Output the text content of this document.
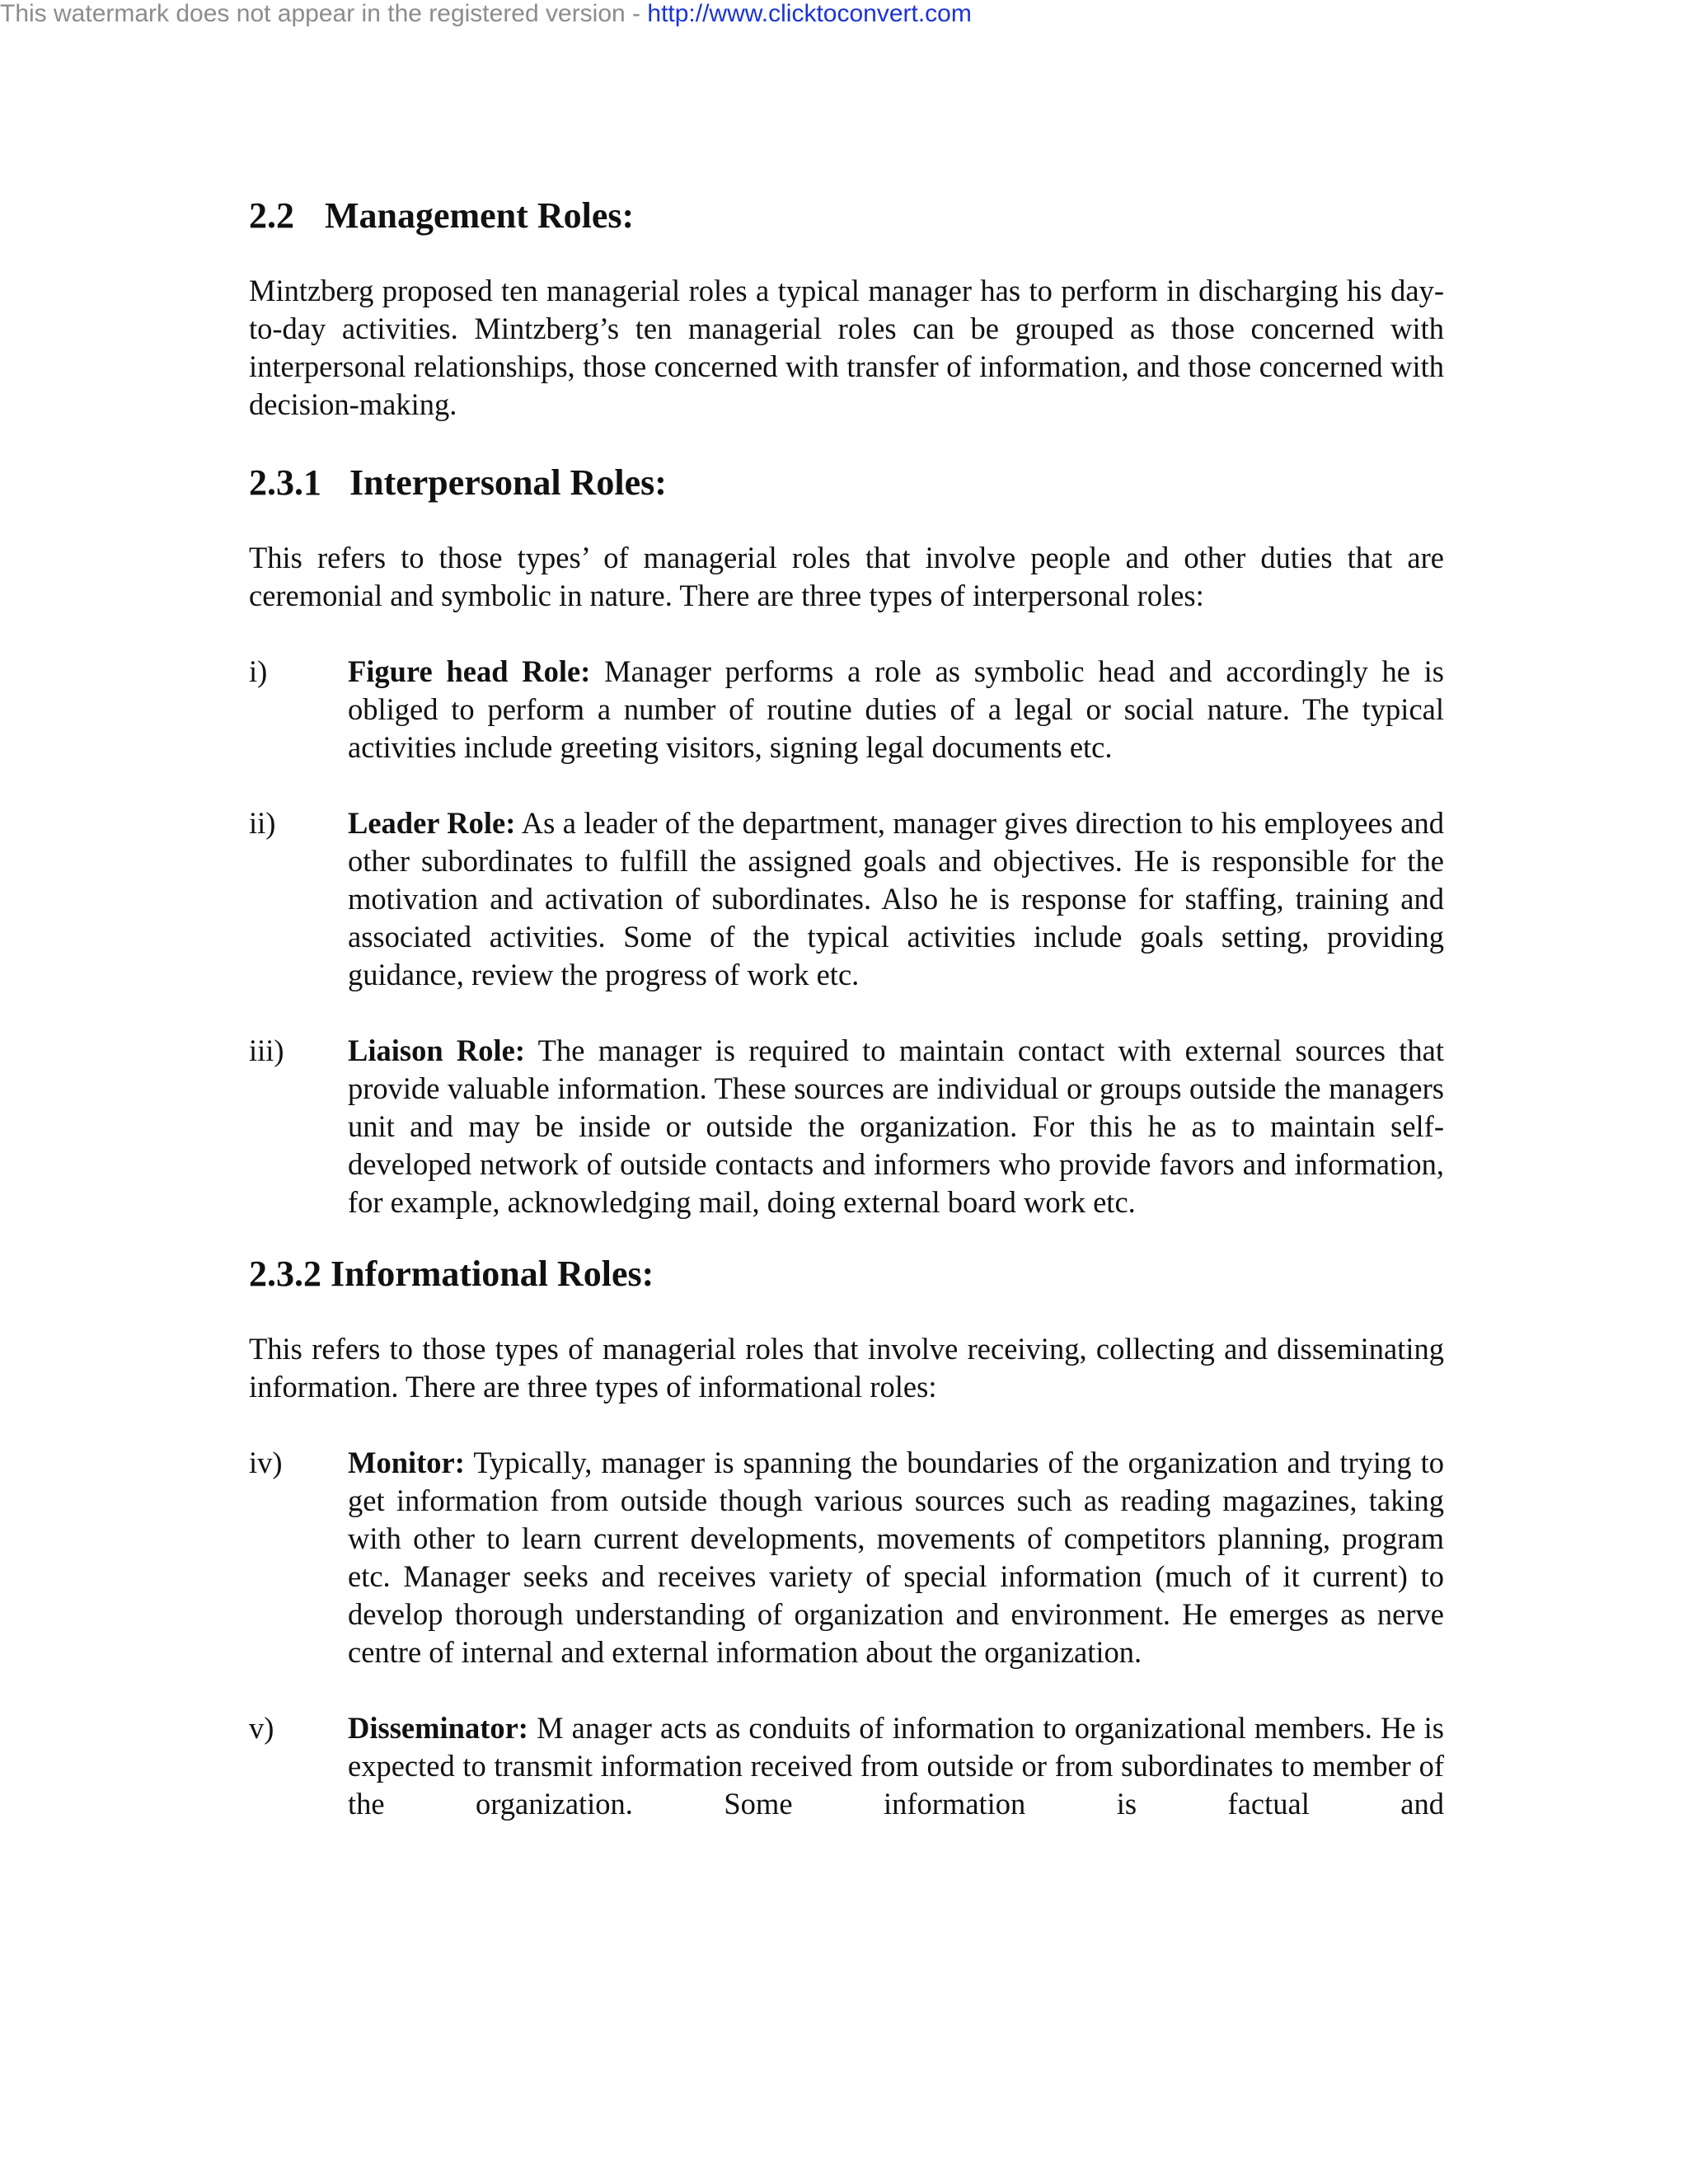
This watermark does not appear in the registered version - http://www.clicktoconvert.com
2.2 Management Roles:

Mintzberg proposed ten managerial roles a typical manager has to perform in discharging his day-to-day activities. Mintzberg’s ten managerial roles can be grouped as those concerned with interpersonal relationships, those concerned with transfer of information, and those concerned with decision-making.

2.3.1 Interpersonal Roles:

This refers to those types’ of managerial roles that involve people and other duties that are ceremonial and symbolic in nature. There are three types of interpersonal roles:

i)	Figure head Role: Manager performs a role as symbolic head and accordingly he is obliged to perform a number of routine duties of a legal or social nature. The typical activities include greeting visitors, signing legal documents etc.
ii)	Leader Role: As a leader of the department, manager gives direction to his employees and other subordinates to fulfill the assigned goals and objectives. He is responsible for the motivation and activation of subordinates. Also he is response for staffing, training and associated activities. Some of the typical activities include goals setting, providing guidance, review the progress of work etc.
iii)	Liaison Role: The manager is required to maintain contact with external sources that provide valuable information. These sources are individual or groups outside the managers unit and may be inside or outside the organization. For this he as to maintain self-developed network of outside contacts and informers who provide favors and information, for example, acknowledging mail, doing external board work etc.
2.3.2 Informational Roles:

This refers to those types of managerial roles that involve receiving, collecting and disseminating information. There are three types of informational roles:

iv)	Monitor: Typically, manager is spanning the boundaries of the organization and trying to get information from outside though various sources such as reading magazines, taking with other to learn current developments, movements of competitors planning, program etc. Manager seeks and receives variety of special information (much of it current) to develop thorough understanding of organization and environment. He emerges as nerve centre of internal and external information about the organization.
v)	Disseminator: M anager acts as conduits of information to organizational members. He is expected to transmit information received from outside or from subordinates to member of the organization. Some information is factual and
